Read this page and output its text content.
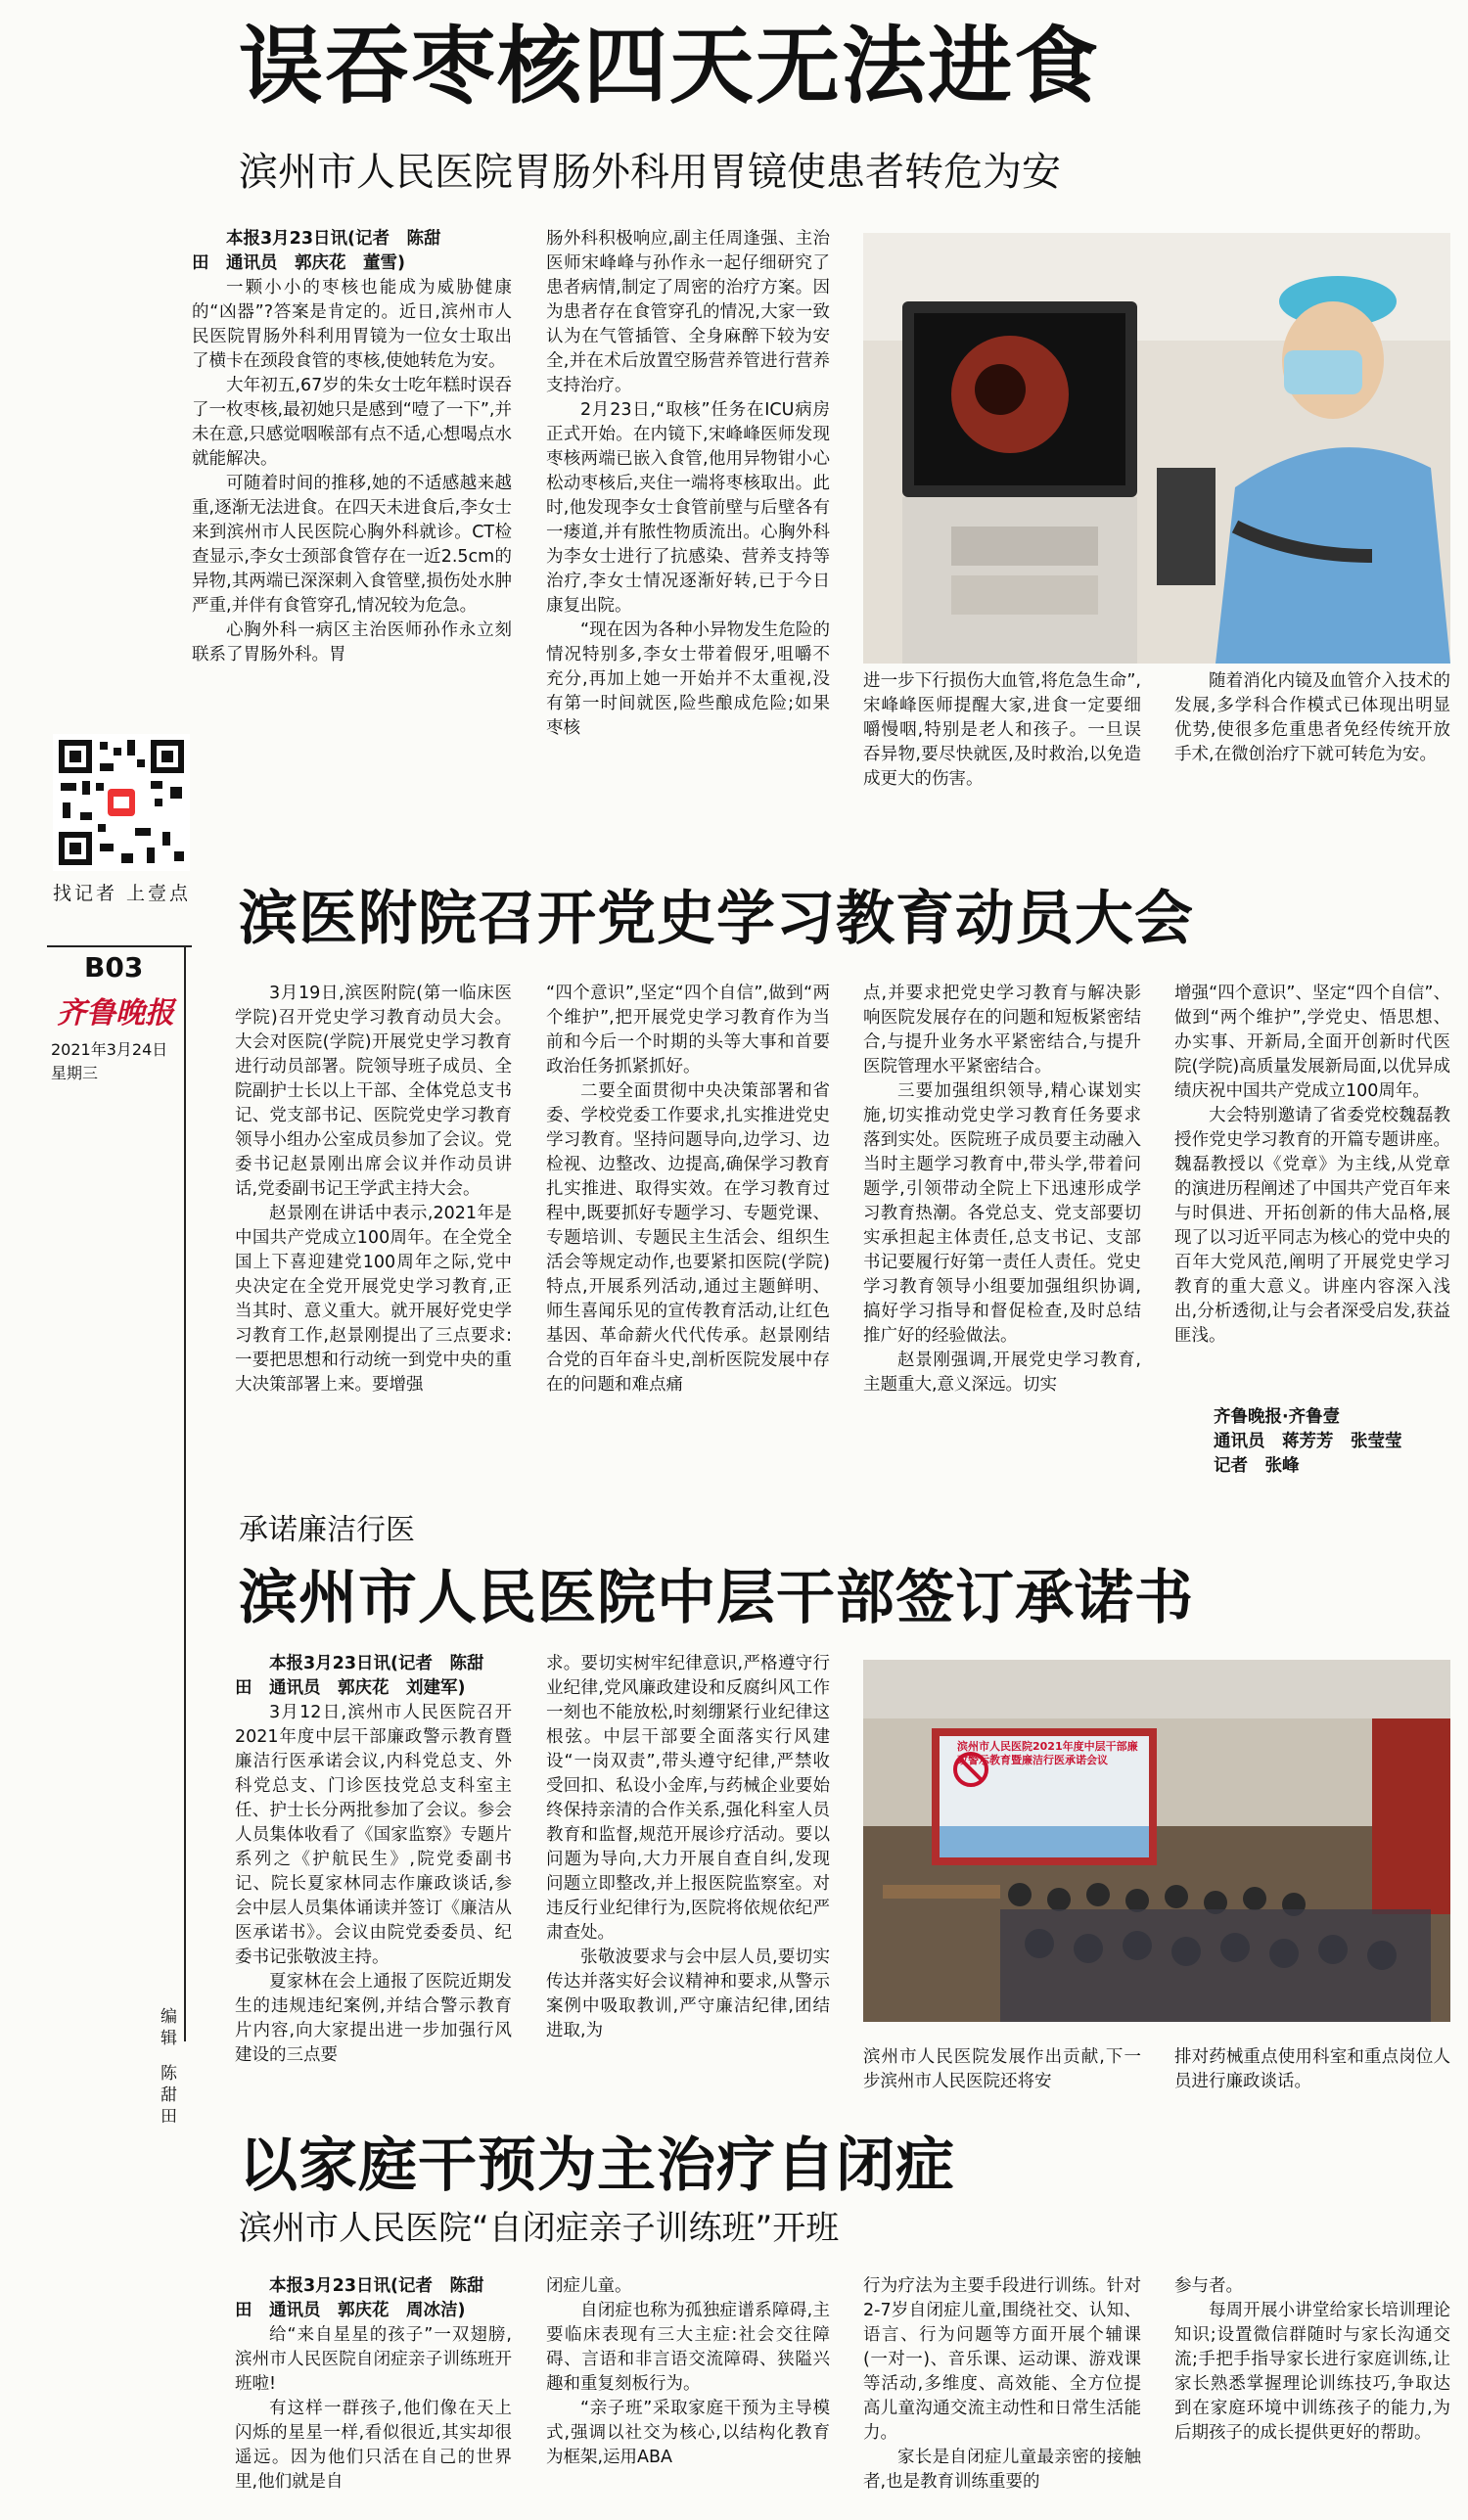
误吞枣核四天无法进食
滨州市人民医院胃肠外科用胃镜使患者转危为安

本报3月23日讯(记者　陈甜

田　通讯员　郭庆花　董雪)

一颗小小的枣核也能成为威胁健康的“凶器”?答案是肯定的。近日,滨州市人民医院胃肠外科利用胃镜为一位女士取出了横卡在颈段食管的枣核,使她转危为安。

大年初五,67岁的朱女士吃年糕时误吞了一枚枣核,最初她只是感到“噎了一下”,并未在意,只感觉咽喉部有点不适,心想喝点水就能解决。

可随着时间的推移,她的不适感越来越重,逐渐无法进食。在四天未进食后,李女士来到滨州市人民医院心胸外科就诊。CT检查显示,李女士颈部食管存在一近2.5cm的异物,其两端已深深刺入食管壁,损伤处水肿严重,并伴有食管穿孔,情况较为危急。

心胸外科一病区主治医师孙作永立刻联系了胃肠外科。胃

肠外科积极响应,副主任周逢强、主治医师宋峰峰与孙作永一起仔细研究了患者病情,制定了周密的治疗方案。因为患者存在食管穿孔的情况,大家一致认为在气管插管、全身麻醉下较为安全,并在术后放置空肠营养管进行营养支持治疗。

2月23日,“取核”任务在ICU病房正式开始。在内镜下,宋峰峰医师发现枣核两端已嵌入食管,他用异物钳小心松动枣核后,夹住一端将枣核取出。此时,他发现李女士食管前壁与后壁各有一瘘道,并有脓性物质流出。心胸外科为李女士进行了抗感染、营养支持等治疗,李女士情况逐渐好转,已于今日康复出院。

“现在因为各种小异物发生危险的情况特别多,李女士带着假牙,咀嚼不充分,再加上她一开始并不太重视,没有第一时间就医,险些酿成危险;如果枣核

进一步下行损伤大血管,将危急生命”,宋峰峰医师提醒大家,进食一定要细嚼慢咽,特别是老人和孩子。一旦误吞异物,要尽快就医,及时救治,以免造成更大的伤害。

随着消化内镜及血管介入技术的发展,多学科合作模式已体现出明显优势,使很多危重患者免经传统开放手术,在微创治疗下就可转危为安。

找记者 上壹点
B03
齐鲁晚报
2021年3月24日
星期三
编辑
陈甜田
滨医附院召开党史学习教育动员大会

3月19日,滨医附院(第一临床医学院)召开党史学习教育动员大会。大会对医院(学院)开展党史学习教育进行动员部署。院领导班子成员、全院副护士长以上干部、全体党总支书记、党支部书记、医院党史学习教育领导小组办公室成员参加了会议。党委书记赵景刚出席会议并作动员讲话,党委副书记王学武主持大会。

赵景刚在讲话中表示,2021年是中国共产党成立100周年。在全党全国上下喜迎建党100周年之际,党中央决定在全党开展党史学习教育,正当其时、意义重大。就开展好党史学习教育工作,赵景刚提出了三点要求:一要把思想和行动统一到党中央的重大决策部署上来。要增强

“四个意识”,坚定“四个自信”,做到“两个维护”,把开展党史学习教育作为当前和今后一个时期的头等大事和首要政治任务抓紧抓好。

二要全面贯彻中央决策部署和省委、学校党委工作要求,扎实推进党史学习教育。坚持问题导向,边学习、边检视、边整改、边提高,确保学习教育扎实推进、取得实效。在学习教育过程中,既要抓好专题学习、专题党课、专题培训、专题民主生活会、组织生活会等规定动作,也要紧扣医院(学院)特点,开展系列活动,通过主题鲜明、师生喜闻乐见的宣传教育活动,让红色基因、革命薪火代代传承。赵景刚结合党的百年奋斗史,剖析医院发展中存在的问题和难点痛

点,并要求把党史学习教育与解决影响医院发展存在的问题和短板紧密结合,与提升业务水平紧密结合,与提升医院管理水平紧密结合。

三要加强组织领导,精心谋划实施,切实推动党史学习教育任务要求落到实处。医院班子成员要主动融入当时主题学习教育中,带头学,带着问题学,引领带动全院上下迅速形成学习教育热潮。各党总支、党支部要切实承担起主体责任,总支书记、支部书记要履行好第一责任人责任。党史学习教育领导小组要加强组织协调,搞好学习指导和督促检查,及时总结推广好的经验做法。

赵景刚强调,开展党史学习教育,主题重大,意义深远。切实

增强“四个意识”、坚定“四个自信”、做到“两个维护”,学党史、悟思想、办实事、开新局,全面开创新时代医院(学院)高质量发展新局面,以优异成绩庆祝中国共产党成立100周年。

大会特别邀请了省委党校魏磊教授作党史学习教育的开篇专题讲座。魏磊教授以《党章》为主线,从党章的演进历程阐述了中国共产党百年来与时俱进、开拓创新的伟大品格,展现了以习近平同志为核心的党中央的百年大党风范,阐明了开展党史学习教育的重大意义。讲座内容深入浅出,分析透彻,让与会者深受启发,获益匪浅。

齐鲁晚报·齐鲁壹

通讯员　蒋芳芳　张莹莹

记者　张峰

承诺廉洁行医
滨州市人民医院中层干部签订承诺书

本报3月23日讯(记者　陈甜

田　通讯员　郭庆花　刘建军)

3月12日,滨州市人民医院召开2021年度中层干部廉政警示教育暨廉洁行医承诺会议,内科党总支、外科党总支、门诊医技党总支科室主任、护士长分两批参加了会议。参会人员集体收看了《国家监察》专题片系列之《护航民生》,院党委副书记、院长夏家林同志作廉政谈话,参会中层人员集体诵读并签订《廉洁从医承诺书》。会议由院党委委员、纪委书记张敬波主持。

夏家林在会上通报了医院近期发生的违规违纪案例,并结合警示教育片内容,向大家提出进一步加强行风建设的三点要

求。要切实树牢纪律意识,严格遵守行业纪律,党风廉政建设和反腐纠风工作一刻也不能放松,时刻绷紧行业纪律这根弦。中层干部要全面落实行风建设“一岗双责”,带头遵守纪律,严禁收受回扣、私设小金库,与药械企业要始终保持亲清的合作关系,强化科室人员教育和监督,规范开展诊疗活动。要以问题为导向,大力开展自查自纠,发现问题立即整改,并上报医院监察室。对违反行业纪律行为,医院将依规依纪严肃查处。

张敬波要求与会中层人员,要切实传达并落实好会议精神和要求,从警示案例中吸取教训,严守廉洁纪律,团结进取,为

滨州市人民医院2021年度中层干部廉政警示教育暨廉洁行医承诺会议

滨州市人民医院发展作出贡献,下一步滨州市人民医院还将安

排对药械重点使用科室和重点岗位人员进行廉政谈话。

以家庭干预为主治疗自闭症
滨州市人民医院“自闭症亲子训练班”开班

本报3月23日讯(记者　陈甜

田　通讯员　郭庆花　周冰洁)

给“来自星星的孩子”一双翅膀,滨州市人民医院自闭症亲子训练班开班啦!

有这样一群孩子,他们像在天上闪烁的星星一样,看似很近,其实却很遥远。因为他们只活在自己的世界里,他们就是自

闭症儿童。

自闭症也称为孤独症谱系障碍,主要临床表现有三大主症:社会交往障碍、言语和非言语交流障碍、狭隘兴趣和重复刻板行为。

“亲子班”采取家庭干预为主导模式,强调以社交为核心,以结构化教育为框架,运用ABA

行为疗法为主要手段进行训练。针对2-7岁自闭症儿童,围绕社交、认知、语言、行为问题等方面开展个辅课(一对一)、音乐课、运动课、游戏课等活动,多维度、高效能、全方位提高儿童沟通交流主动性和日常生活能力。

家长是自闭症儿童最亲密的接触者,也是教育训练重要的

参与者。

每周开展小讲堂给家长培训理论知识;设置微信群随时与家长沟通交流;手把手指导家长进行家庭训练,让家长熟悉掌握理论训练技巧,争取达到在家庭环境中训练孩子的能力,为后期孩子的成长提供更好的帮助。
